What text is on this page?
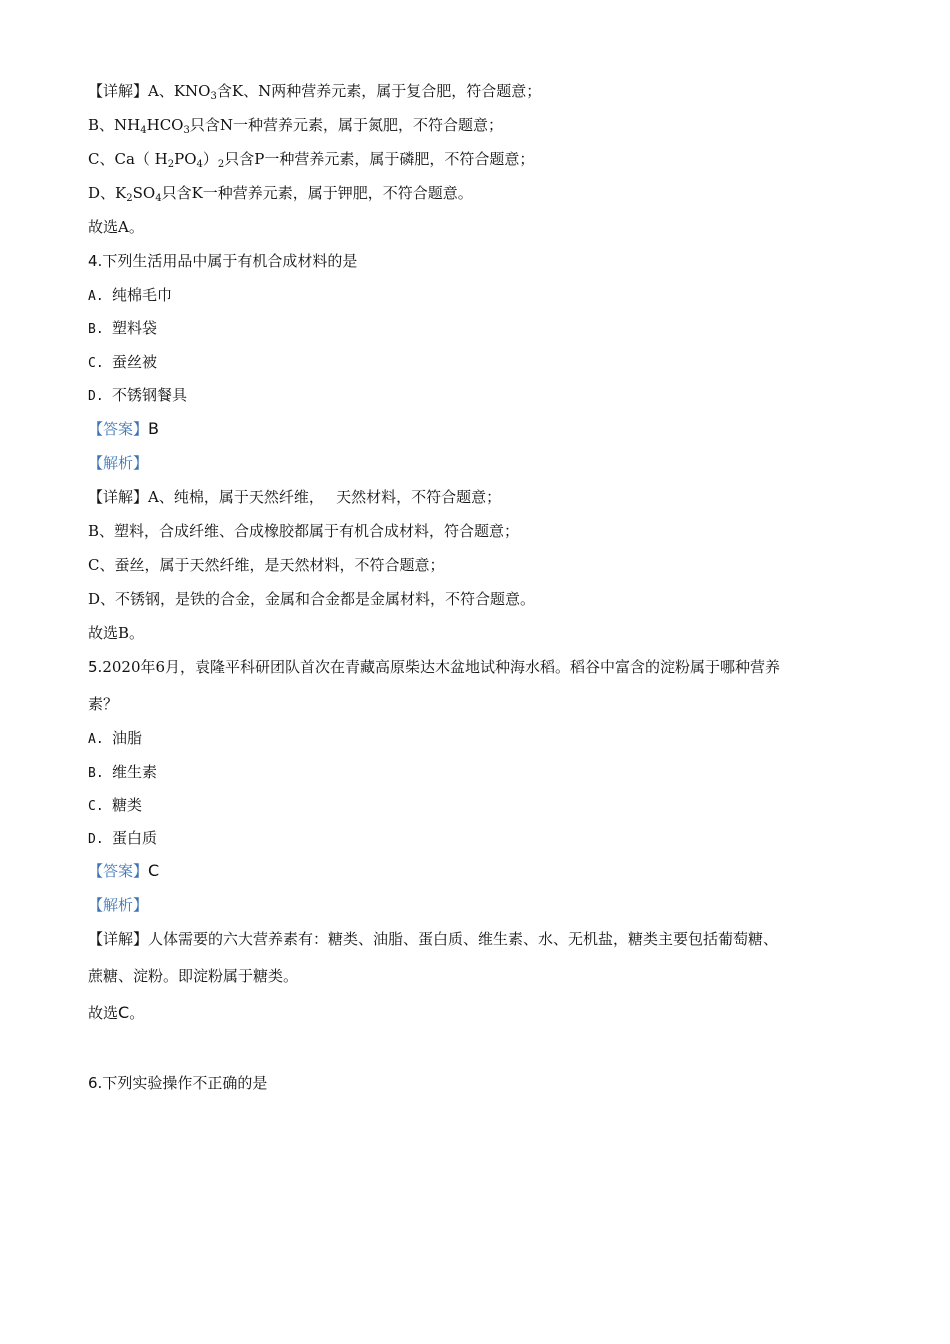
【详解】A、$KNO_3$含K、N两种营养元素，属于复合肥，符合题意；
B、$NH_4HCO_3$只含N一种营养元素，属于氮肥，不符合题意；
C、Ca（ $H_2PO_4)_2$只含P一种营养元素，属于磷肥，不符合题意；
D、$K_2SO_4$只含K一种营养元素，属于钾肥，不符合题意。
故选A。
4.下列生活用品中属于有机合成材料的是
A. 纯棉毛巾
B. 塑料袋
C. 蚕丝被
D. 不锈钢餐具
【答案】B
【解析】
【详解】A、纯棉，属于天然纤维，　 天然材料，不符合题意；
B、塑料，合成纤维、合成橡胶都属于有机合成材料，符合题意；
C、蚕丝，属于天然纤维，是天然材料，不符合题意；
D、不锈钢，是铁的合金，金属和合金都是金属材料，不符合题意。
故选B。
5.2020年6月，袁隆平科研团队首次在青藏高原柴达木盆地试种海水稻。稻谷中富含的淀粉属于哪种营养
素？
A. 油脂
B. 维生素
C. 糖类
D. 蛋白质
【答案】C
【解析】
【详解】人体需要的六大营养素有：糖类、油脂、蛋白质、维生素、水、无机盐，糖类主要包括葡萄糖、
蔗糖、淀粉。即淀粉属于糖类。
故选C。
6.下列实验操作不正确的是
